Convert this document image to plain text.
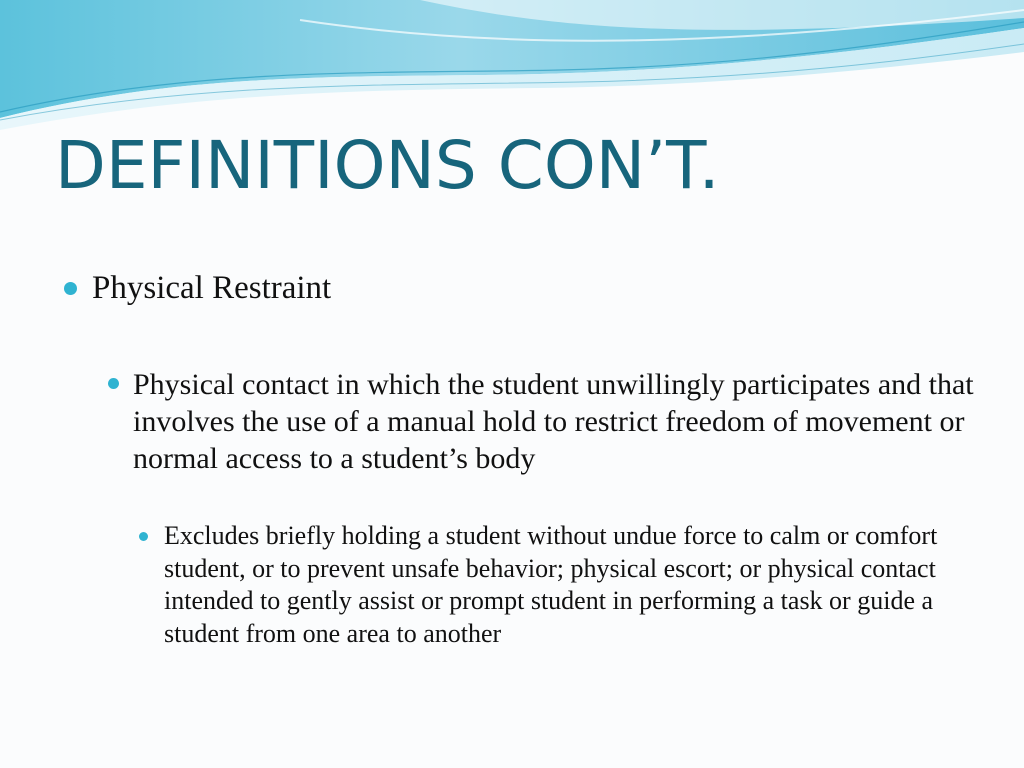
DEFINITIONS CON’T.

Physical Restraint

Physical contact in which the student unwillingly participates and that involves the use of a manual hold to restrict freedom of movement or normal access to a student’s body

Excludes briefly holding a student without undue force to calm or comfort student, or to prevent unsafe behavior; physical escort; or physical contact intended to gently assist or prompt student in performing a task or guide a student from one area to another
